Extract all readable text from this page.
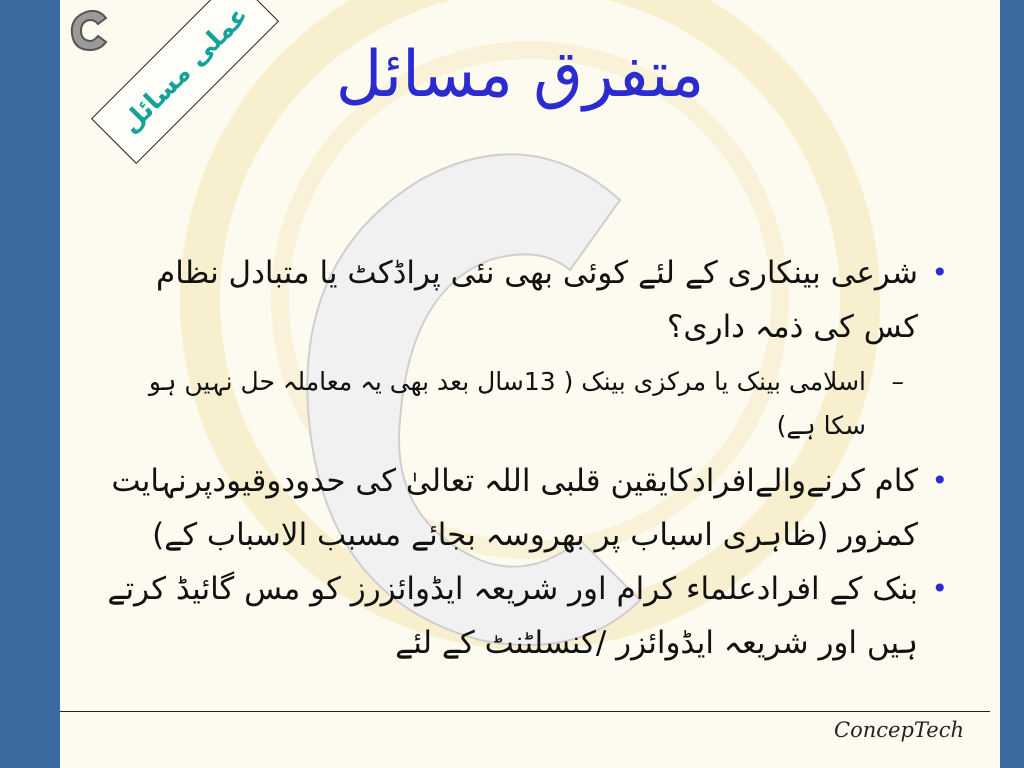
عملی مسائل	متفرق مسائل

•
شرعی بینکاری کے لئے کوئی بھی نئی پراڈکٹ یا متبادل نظام کس کی ذمہ داری؟

–
اسلامی بینک یا مرکزی بینک ( 13سال بعد بھی یہ معاملہ حل نہیں ہو سکا ہے)

•
کام کرنےوالےافرادکایقین قلبی اللہ تعالیٰ کی حدودوقیودپرنہایت کمزور (ظاہری اسباب پر بھروسہ بجائے مسبب الاسباب کے)

•
بنک کے افرادعلماء کرام اور شریعہ ایڈوائزرز کو مس گائیڈ کرتے ہیں اور شریعہ ایڈوائزر /کنسلٹنٹ کے لئے

ConcepTech
